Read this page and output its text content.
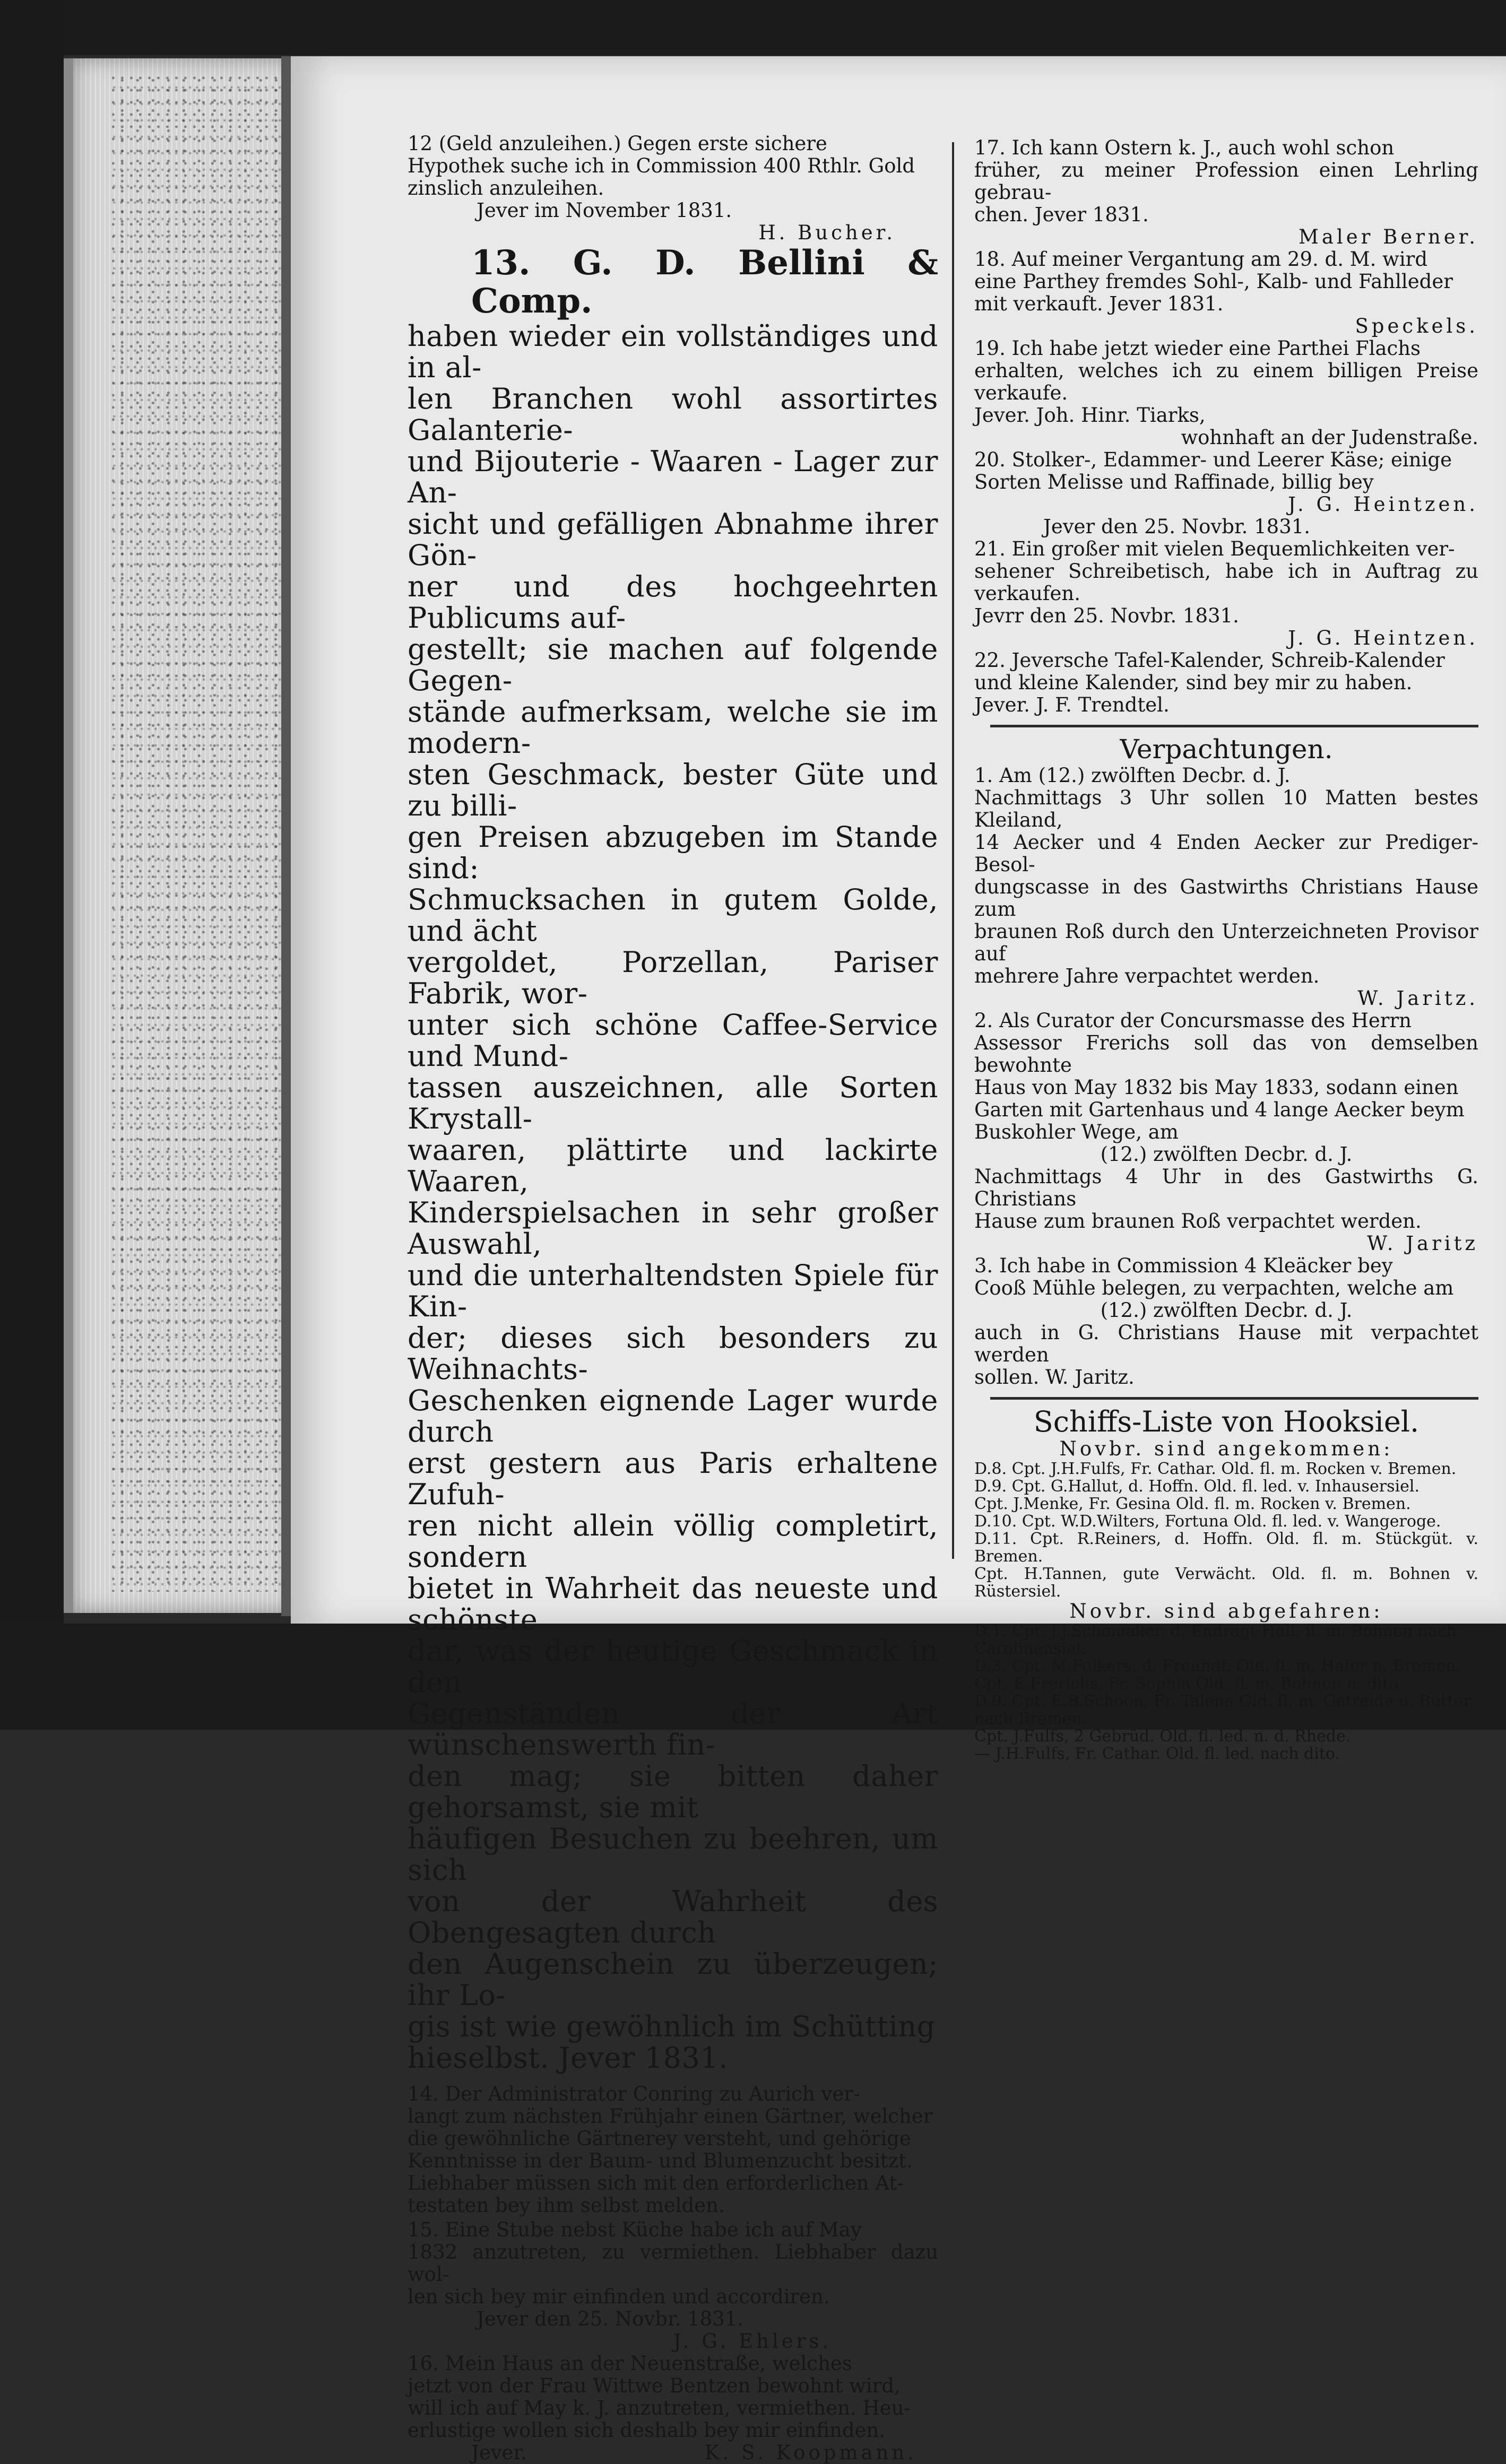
12 (Geld anzuleihen.) Gegen erste sichere
Hypothek suche ich in Commission 400 Rthlr. Gold
zinslich anzuleihen.

Jever im November 1831.

H. Bucher.

13. G. D. Bellini & Comp.

haben wieder ein vollständiges und in al-
len Branchen wohl assortirtes Galanterie-
und Bijouterie - Waaren - Lager zur An-
sicht und gefälligen Abnahme ihrer Gön-
ner und des hochgeehrten Publicums auf-
gestellt; sie machen auf folgende Gegen-
stände aufmerksam, welche sie im modern-
sten Geschmack, bester Güte und zu billi-
gen Preisen abzugeben im Stande sind:
Schmucksachen in gutem Golde, und ächt
vergoldet, Porzellan, Pariser Fabrik, wor-
unter sich schöne Caffee-Service und Mund-
tassen auszeichnen, alle Sorten Krystall-
waaren, plättirte und lackirte Waaren,
Kinderspielsachen in sehr großer Auswahl,
und die unterhaltendsten Spiele für Kin-
der; dieses sich besonders zu Weihnachts-
Geschenken eignende Lager wurde durch
erst gestern aus Paris erhaltene Zufuh-
ren nicht allein völlig completirt, sondern
bietet in Wahrheit das neueste und schönste
dar, was der heutige Geschmack in den
Gegenständen der Art wünschenswerth fin-
den mag; sie bitten daher gehorsamst, sie mit
häufigen Besuchen zu beehren, um sich
von der Wahrheit des Obengesagten durch
den Augenschein zu überzeugen; ihr Lo-
gis ist wie gewöhnlich im Schütting
hieselbst. Jever 1831.

14. Der Administrator Conring zu Aurich ver-
langt zum nächsten Frühjahr einen Gärtner, welcher
die gewöhnliche Gärtnerey versteht, und gehörige
Kenntnisse in der Baum- und Blumenzucht besitzt.
Liebhaber müssen sich mit den erforderlichen At-
testaten bey ihm selbst melden.

15. Eine Stube nebst Küche habe ich auf May
1832 anzutreten, zu vermiethen. Liebhaber dazu wol-
len sich bey mir einfinden und accordiren.

Jever den 25. Novbr. 1831.

J. G. Ehlers.

16. Mein Haus an der Neuenstraße, welches
jetzt von der Frau Wittwe Bentzen bewohnt wird,
will ich auf May k. J. anzutreten, vermiethen. Heu-
erlustige wollen sich deshalb bey mir einfinden.

Jever.	K. S. Koopmann.

17. Ich kann Ostern k. J., auch wohl schon
früher, zu meiner Profession einen Lehrling gebrau-
chen. Jever 1831.

Maler Berner.

18. Auf meiner Vergantung am 29. d. M. wird
eine Parthey fremdes Sohl-, Kalb- und Fahlleder
mit verkauft. Jever 1831.

Speckels.

19. Ich habe jetzt wieder eine Parthei Flachs
erhalten, welches ich zu einem billigen Preise verkaufe.
Jever. Joh. Hinr. Tiarks,

wohnhaft an der Judenstraße.

20. Stolker-, Edammer- und Leerer Käse; einige
Sorten Melisse und Raffinade, billig bey

J. G. Heintzen.

Jever den 25. Novbr. 1831.

21. Ein großer mit vielen Bequemlichkeiten ver-
sehener Schreibetisch, habe ich in Auftrag zu verkaufen.
Jevrr den 25. Novbr. 1831.

J. G. Heintzen.

22. Jeversche Tafel-Kalender, Schreib-Kalender
und kleine Kalender, sind bey mir zu haben.
Jever. J. F. Trendtel.

Verpachtungen.

1. Am (12.) zwölften Decbr. d. J.
Nachmittags 3 Uhr sollen 10 Matten bestes Kleiland,
14 Aecker und 4 Enden Aecker zur Prediger-Besol-
dungscasse in des Gastwirths Christians Hause zum
braunen Roß durch den Unterzeichneten Provisor auf
mehrere Jahre verpachtet werden.

W. Jaritz.

2. Als Curator der Concursmasse des Herrn
Assessor Frerichs soll das von demselben bewohnte
Haus von May 1832 bis May 1833, sodann einen
Garten mit Gartenhaus und 4 lange Aecker beym
Buskohler Wege, am

(12.) zwölften Decbr. d. J.

Nachmittags 4 Uhr in des Gastwirths G. Christians
Hause zum braunen Roß verpachtet werden.

W. Jaritz

3. Ich habe in Commission 4 Kleäcker bey
Cooß Mühle belegen, zu verpachten, welche am

(12.) zwölften Decbr. d. J.

auch in G. Christians Hause mit verpachtet werden
sollen. W. Jaritz.

Schiffs-Liste von Hooksiel.

Novbr. sind angekommen:

D.8. Cpt. J.H.Fulfs, Fr. Cathar. Old. fl. m. Rocken v. Bremen.

D.9. Cpt. G.Hallut, d. Hoffn. Old. fl. led. v. Inhausersiel.

Cpt. J.Menke, Fr. Gesina Old. fl. m. Rocken v. Bremen.

D.10. Cpt. W.D.Wilters, Fortuna Old. fl. led. v. Wangeroge.

D.11. Cpt. R.Reiners, d. Hoffn. Old. fl. m. Stückgüt. v. Bremen.

Cpt. H.Tannen, gute Verwächt. Old. fl. m. Bohnen v. Rüstersiel.

Novbr. sind abgefahren:

D.1. Cpt. J.J.Schomaker, d. Endragt Holl. fl. m. Bohnen nach
Carolinensiel.

D.3. Cpt. M.Folkers, d. Freundf. Old. fl. m. Hafer n. Bremen.

Cpt. E.Frerichs, Fr. Sophia Old. fl. m. Bohnen n. dito.

D.9. Cpt. E.B.Schoon, Fr. Talena Old. fl. m. Getreide u. Butter
nach Bremen.

Cpt. J.Fulfs, 2 Gebrüd. Old. fl. led. n. d. Rhede.

— J.H.Fulfs, Fr. Cathar. Old. fl. led. nach dito.
